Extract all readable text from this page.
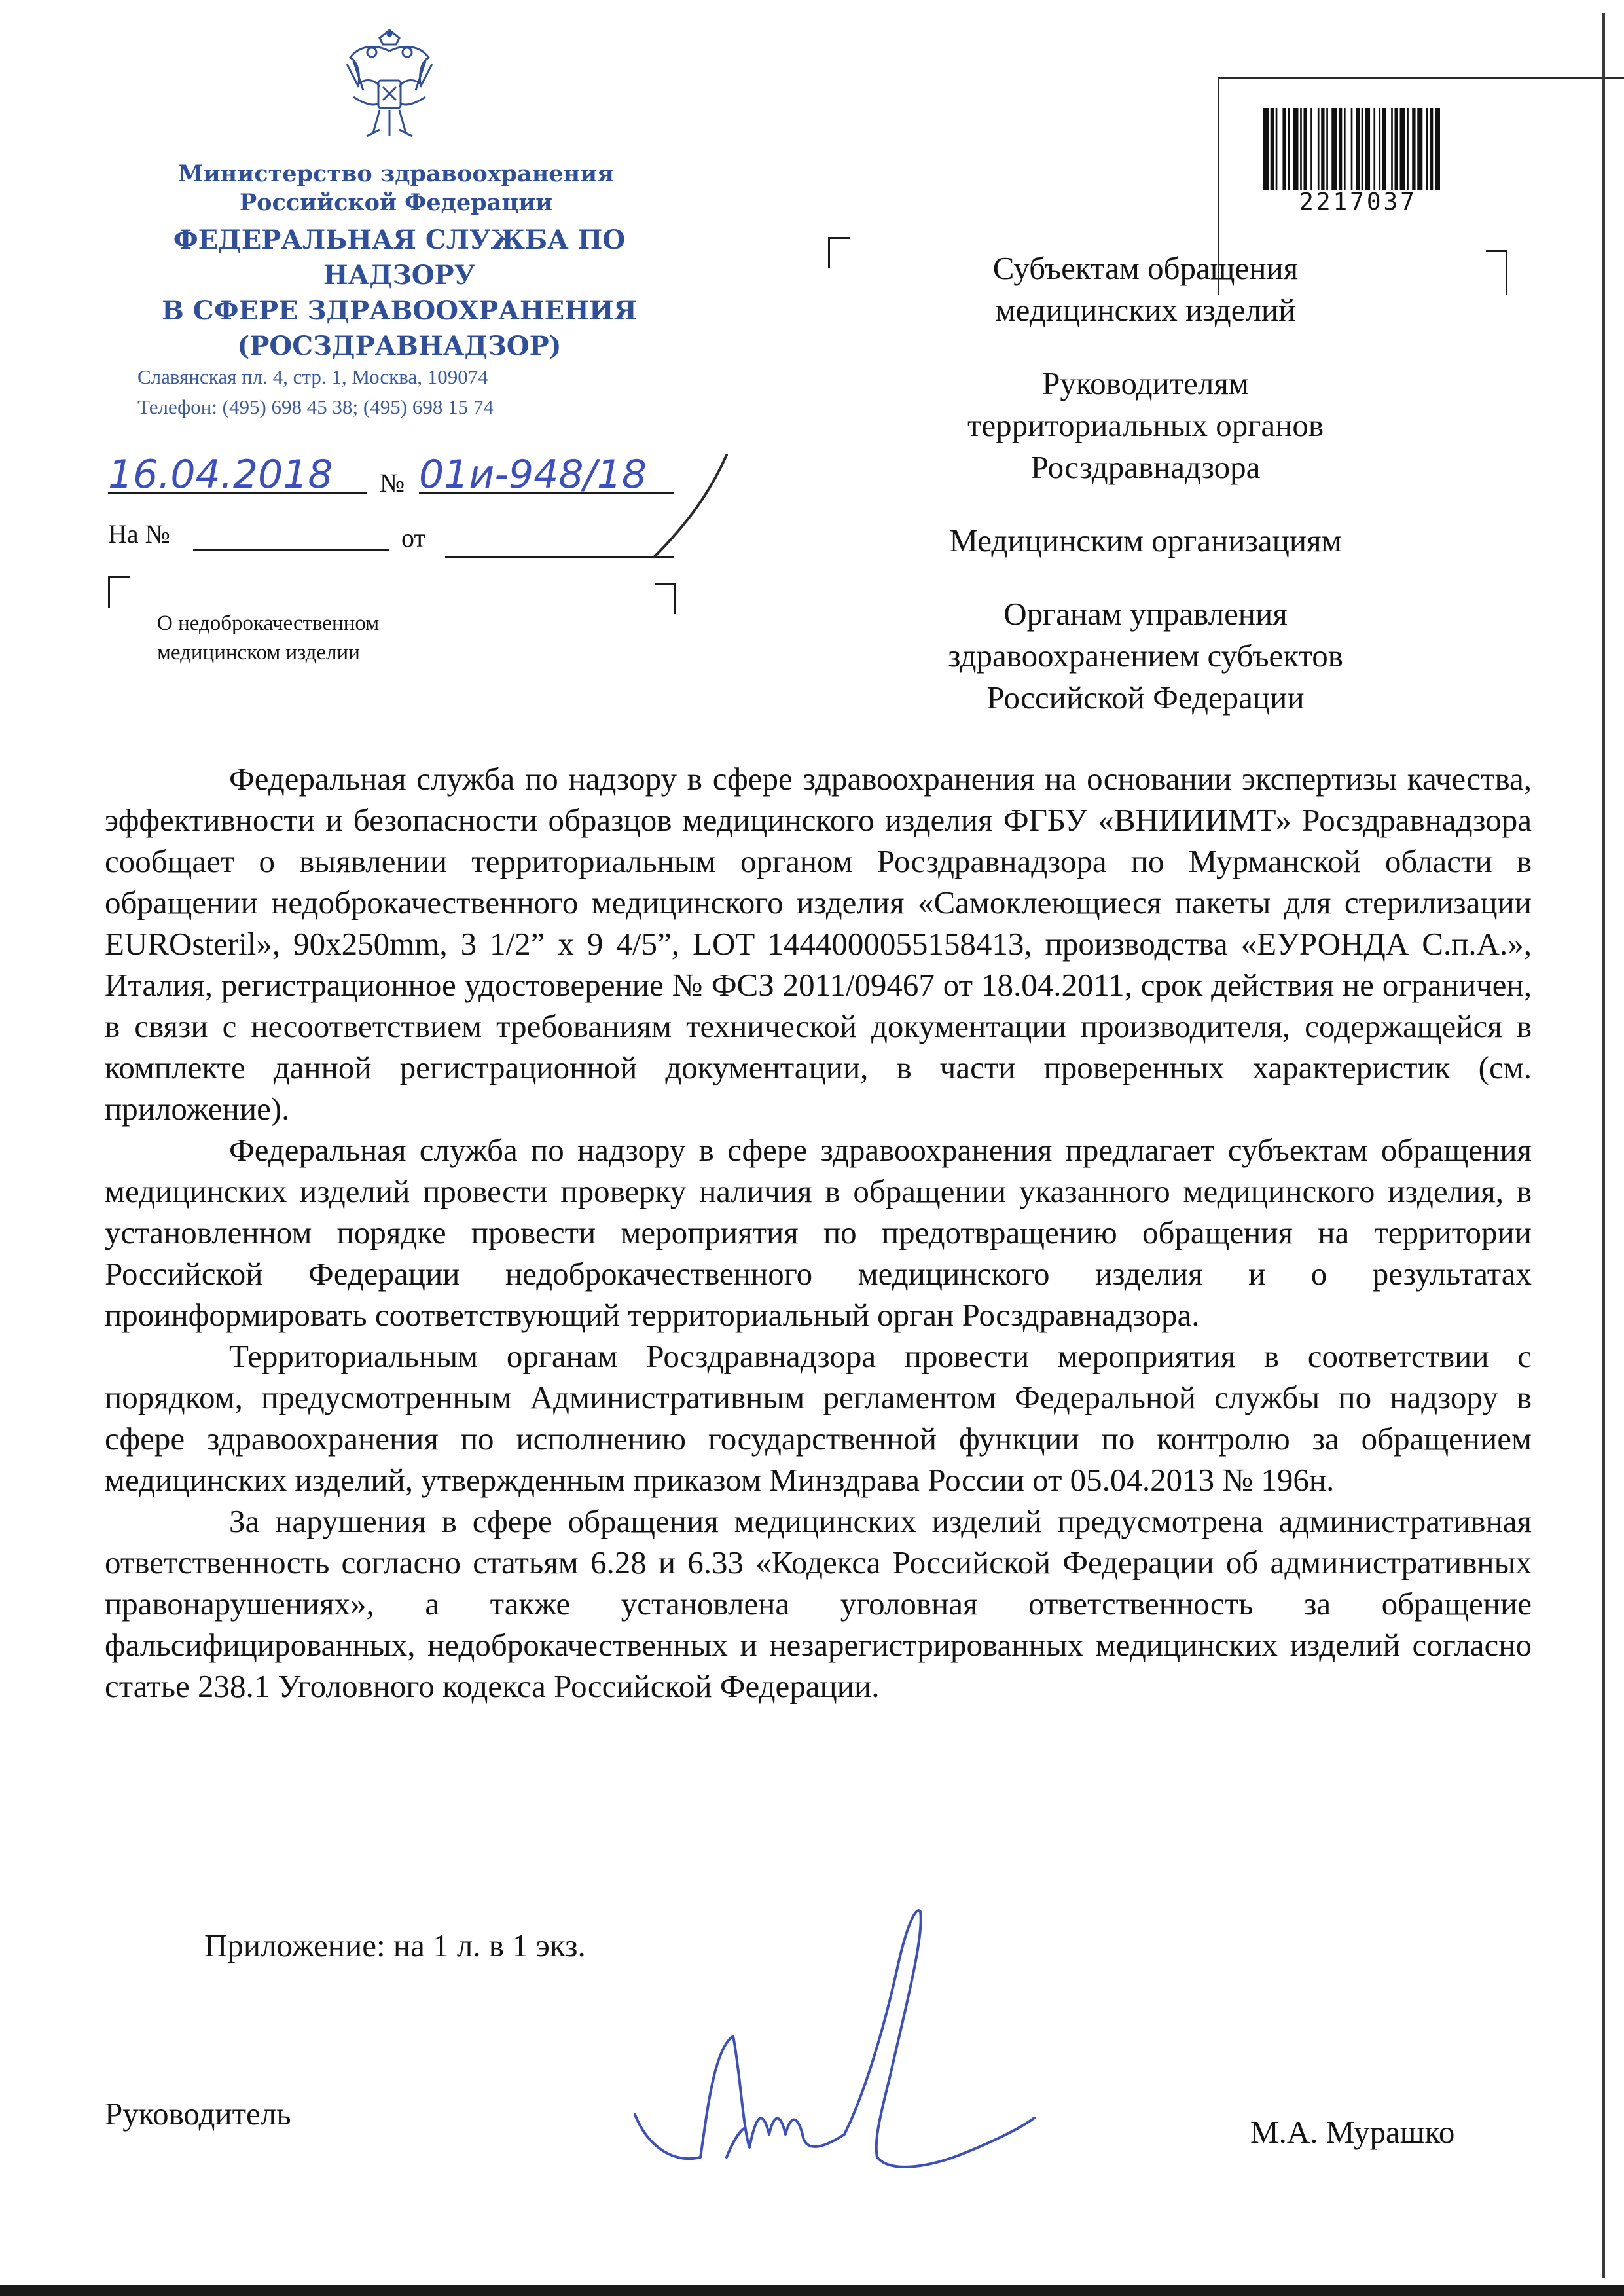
Министерство здравоохранения
Российской Федерации
ФЕДЕРАЛЬНАЯ СЛУЖБА ПО НАДЗОРУ
В СФЕРЕ ЗДРАВООХРАНЕНИЯ
(РОСЗДРАВНАДЗОР)
Славянская пл. 4, стр. 1, Москва, 109074
Телефон: (495) 698 45 38; (495) 698 15 74
16.04.2018	№ 01и-948/18
На №	от
О недоброкачественном
медицинском изделии
2217037

Субъектам обращения
медицинских изделий

Руководителям
территориальных органов
Росздравнадзора

Медицинским организациям

Органам управления
здравоохранением субъектов
Российской Федерации

Федеральная служба по надзору в сфере здравоохранения на основании экспертизы качества, эффективности и безопасности образцов медицинского изделия ФГБУ «ВНИИИМТ» Росздравнадзора сообщает о выявлении территориальным органом Росздравнадзора по Мурманской области в обращении недоброкачественного медицинского изделия «Самоклеющиеся пакеты для стерилизации EUROsteril», 90x250mm, 3 1/2” x 9 4/5”, LOT 1444000055158413, производства «ЕУРОНДА С.п.А.», Италия, регистрационное удостоверение № ФСЗ 2011/09467 от 18.04.2011, срок действия не ограничен, в связи с несоответствием требованиям технической документации производителя, содержащейся в комплекте данной регистрационной документации, в части проверенных характеристик (см. приложение).

Федеральная служба по надзору в сфере здравоохранения предлагает субъектам обращения медицинских изделий провести проверку наличия в обращении указанного медицинского изделия, в установленном порядке провести мероприятия по предотвращению обращения на территории Российской Федерации недоброкачественного медицинского изделия и о результатах проинформировать соответствующий территориальный орган Росздравнадзора.

Территориальным органам Росздравнадзора провести мероприятия в соответствии с порядком, предусмотренным Административным регламентом Федеральной службы по надзору в сфере здравоохранения по исполнению государственной функции по контролю за обращением медицинских изделий, утвержденным приказом Минздрава России от 05.04.2013 № 196н.

За нарушения в сфере обращения медицинских изделий предусмотрена административная ответственность согласно статьям 6.28 и 6.33 «Кодекса Российской Федерации об административных правонарушениях», а также установлена уголовная ответственность за обращение фальсифицированных, недоброкачественных и незарегистрированных медицинских изделий согласно статье 238.1 Уголовного кодекса Российской Федерации.

Приложение: на 1 л. в 1 экз.
Руководитель
М.А. Мурашко
